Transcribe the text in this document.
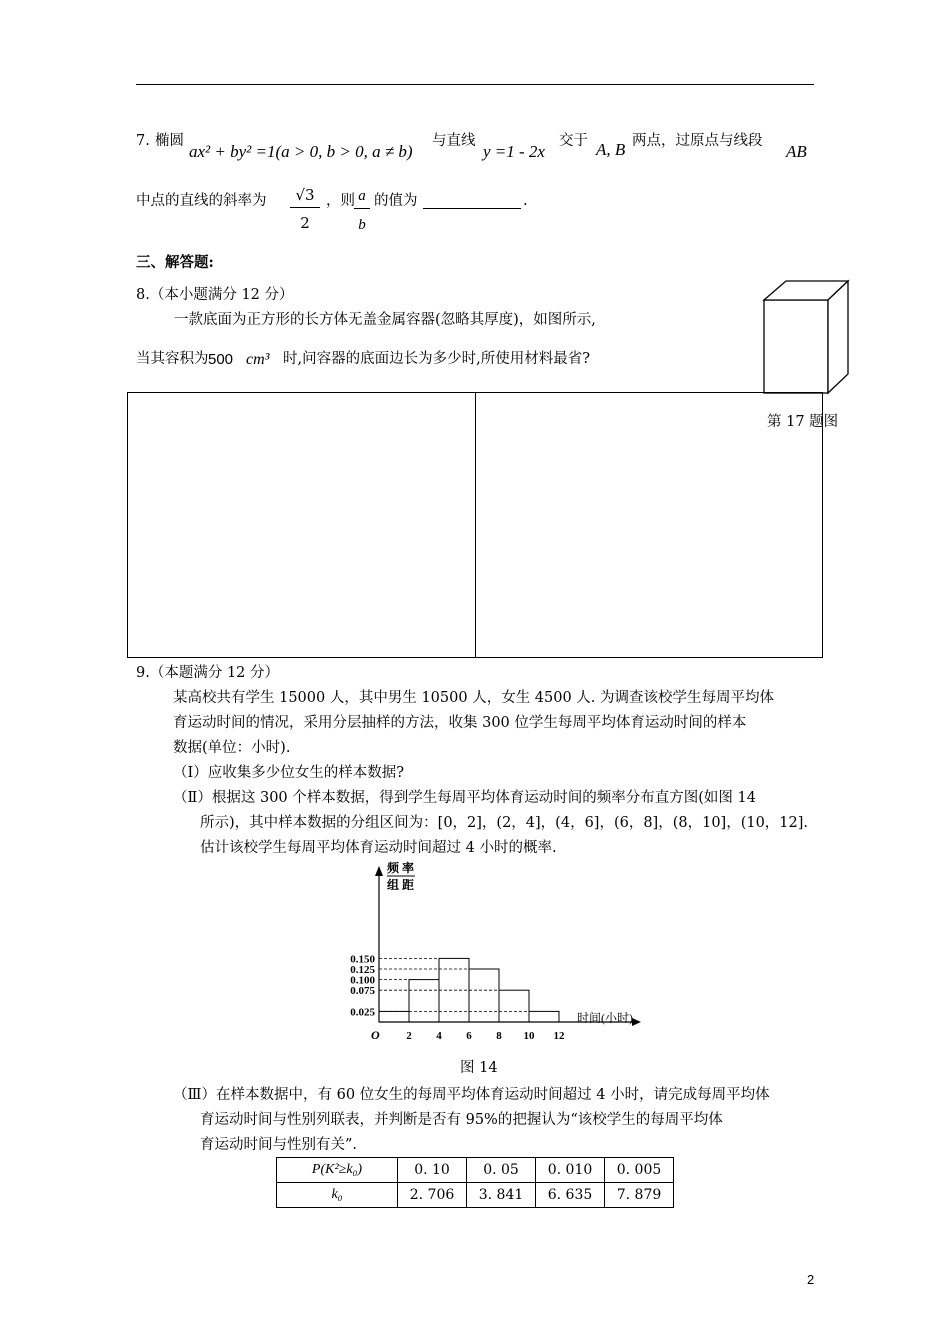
7. 椭圆
ax² + by² =1(a > 0, b > 0, a ≠ b)
与直线
y =1 - 2x
交于 A, B 两点，过原点与线段
AB
中点的直线的斜率为 $\frac{√3}{2}$ ，则 $\frac{a}{b}$ 的值为	.
三、解答题:
8.（本小题满分 12 分）
一款底面为正方形的长方体无盖金属容器(忽略其厚度)，如图所示,
当其容积为 500 cm³ 时,问容器的底面边长为多少时,所使用材料最省?
第 17 题图
9.（本题满分 12 分）
某高校共有学生 15000 人，其中男生 10500 人，女生 4500 人. 为调查该校学生每周平均体
育运动时间的情况，采用分层抽样的方法，收集 300 位学生每周平均体育运动时间的样本
数据(单位：小时).
（Ⅰ）应收集多少位女生的样本数据?
（Ⅱ）根据这 300 个样本数据，得到学生每周平均体育运动时间的频率分布直方图(如图 14
所示)，其中样本数据的分组区间为：[0，2]，(2，4]，(4，6]，(6，8]，(8，10]，(10，12].
估计该校学生每周平均体育运动时间超过 4 小时的概率.
频 率
组 距
时间(小时)
O
0.150
0.125
0.100
0.075
0.025
2 4 6 8 10 12
图 14
（Ⅲ）在样本数据中，有 60 位女生的每周平均体育运动时间超过 4 小时，请完成每周平均体
育运动时间与性别列联表，并判断是否有 95%的把握认为“该校学生的每周平均体
育运动时间与性别有关”.
P(K²≥k₀)	0. 10	0. 05	0. 010	0. 005
k₀	2. 706	3. 841	6. 635	7. 879
2
